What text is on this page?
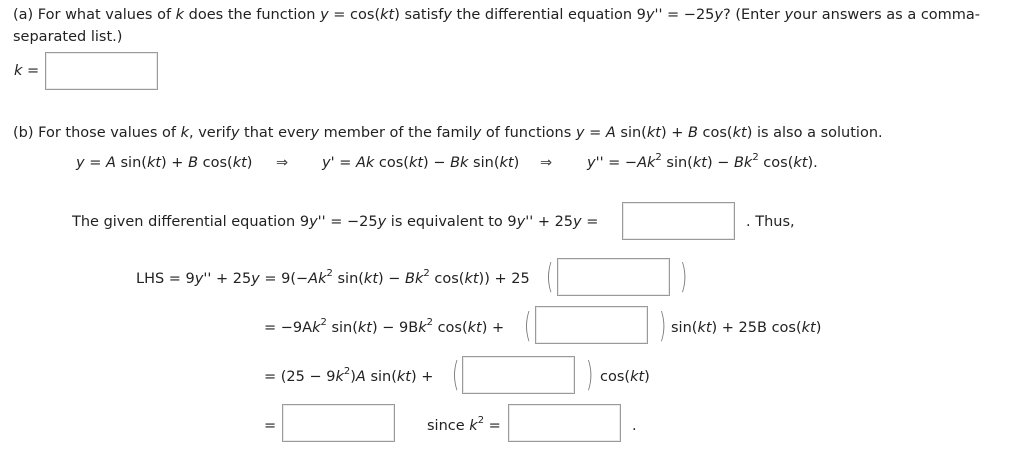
(a) For what values of k does the function y = cos(kt) satisfy the differential equation 9y'' = −25y? (Enter your answers as a comma-
separated list.)
k =
(b) For those values of k, verify that every member of the family of functions y = A sin(kt) + B cos(kt) is also a solution.
y = A sin(kt) + B cos(kt) ⇒ y' = Ak cos(kt) − Bk sin(kt) ⇒ $y'' = -Ak^2$ $\sin(kt) - Bk^2$ cos(kt).
The given differential equation 9y'' = −25y is equivalent to 9y'' + 25y =	. Thus,
LHS = $9y'' + 25y = 9(-Ak^2$ $\sin(kt) - Bk^2$ cos(kt)) + 25 (	)
= $-9Ak^2$ $\sin(kt) - 9Bk^2$ cos(kt) + (	) sin(kt) + 25B cos(kt)
= $(25 - 9k^2)A$ sin(kt) + (	) cos(kt)
=	since $k^2$ =	.
